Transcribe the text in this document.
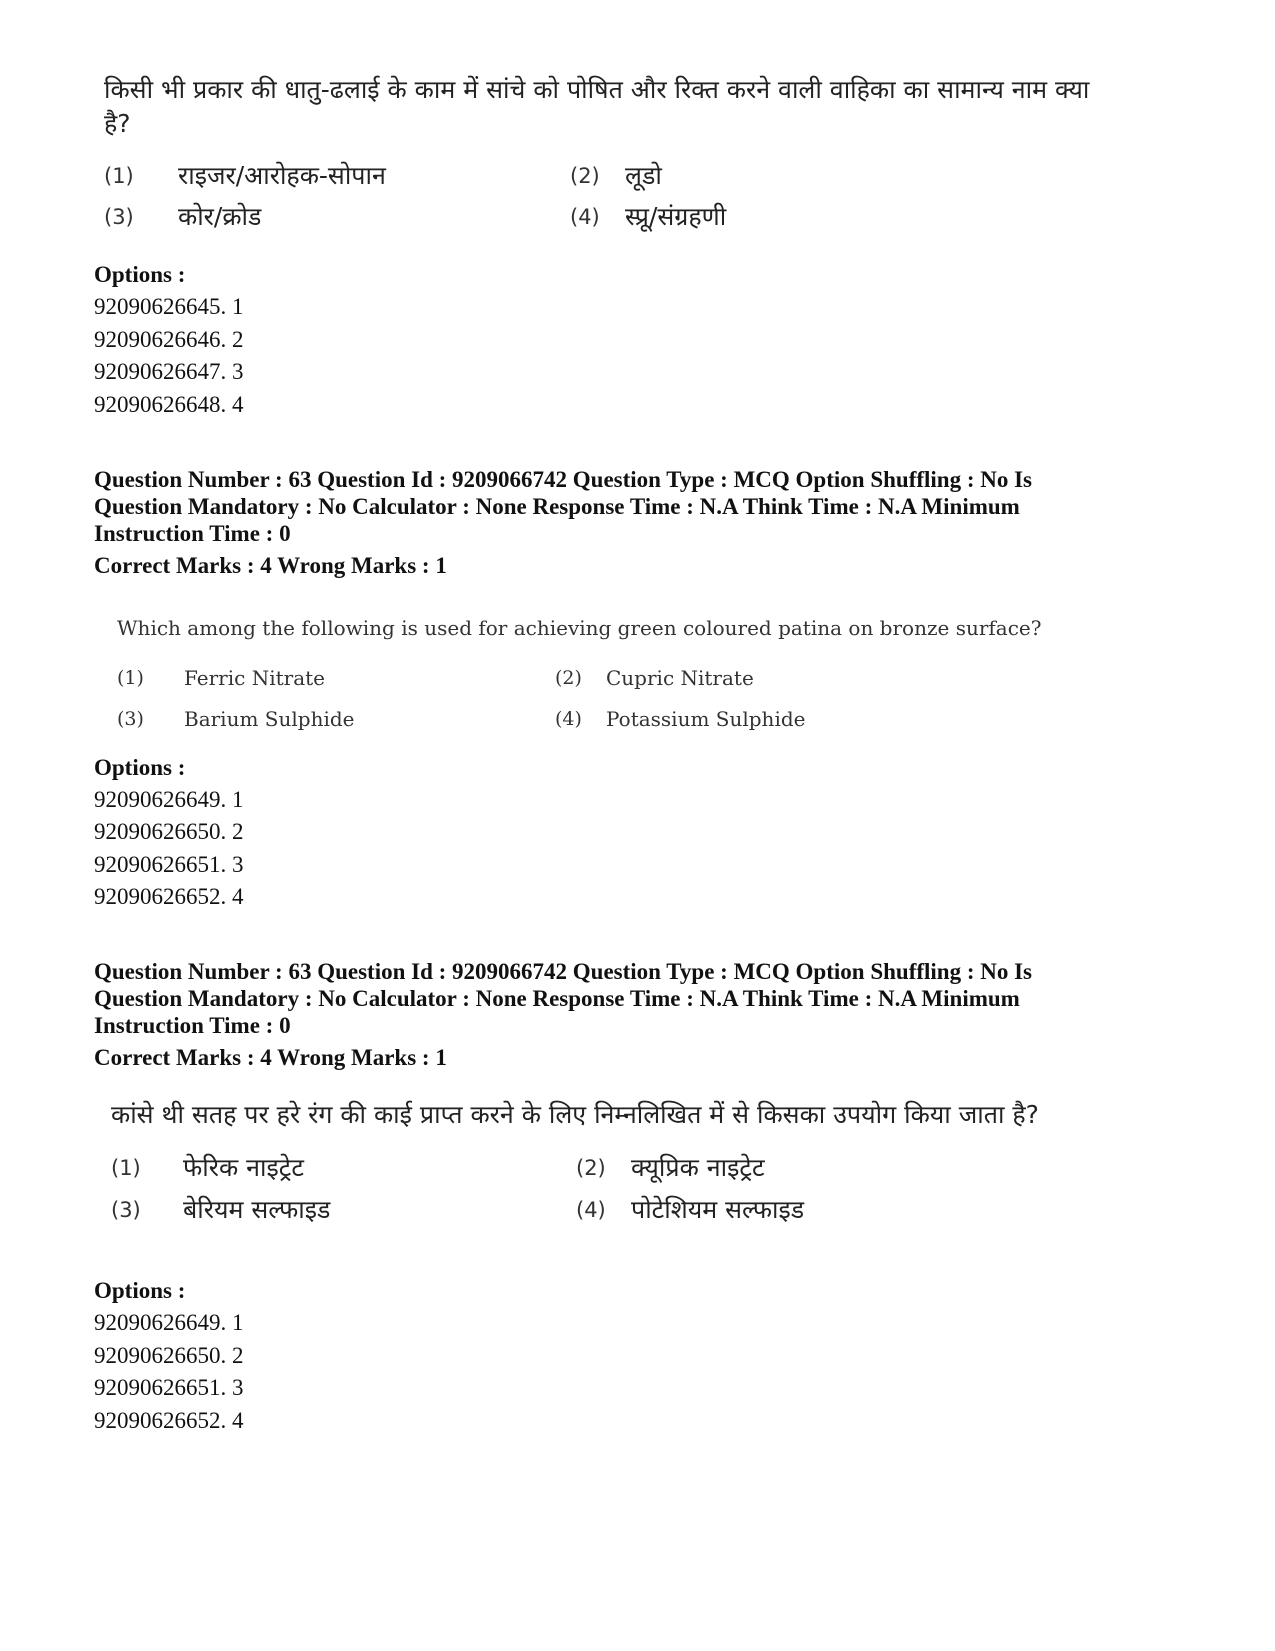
किसी भी प्रकार की धातु-ढलाई के काम में सांचे को पोषित और रिक्त करने वाली वाहिका का सामान्य नाम क्या है?
(1) राइजर/आरोहक-सोपान	(2) लूडो
(3) कोर/क्रोड	(4) स्प्रू/संग्रहणी
Options :
92090626645. 1
92090626646. 2
92090626647. 3
92090626648. 4
Question Number : 63 Question Id : 9209066742 Question Type : MCQ Option Shuffling : No Is
Question Mandatory : No Calculator : None Response Time : N.A Think Time : N.A Minimum
Instruction Time : 0
Correct Marks : 4 Wrong Marks : 1
Which among the following is used for achieving green coloured patina on bronze surface?
(1) Ferric Nitrate	(2) Cupric Nitrate
(3) Barium Sulphide	(4) Potassium Sulphide
Options :
92090626649. 1
92090626650. 2
92090626651. 3
92090626652. 4
Question Number : 63 Question Id : 9209066742 Question Type : MCQ Option Shuffling : No Is
Question Mandatory : No Calculator : None Response Time : N.A Think Time : N.A Minimum
Instruction Time : 0
Correct Marks : 4 Wrong Marks : 1
कांसे थी सतह पर हरे रंग की काई प्राप्त करने के लिए निम्नलिखित में से किसका उपयोग किया जाता है?
(1) फेरिक नाइट्रेट	(2) क्यूप्रिक नाइट्रेट
(3) बेरियम सल्फाइड	(4) पोटेशियम सल्फाइड
Options :
92090626649. 1
92090626650. 2
92090626651. 3
92090626652. 4
